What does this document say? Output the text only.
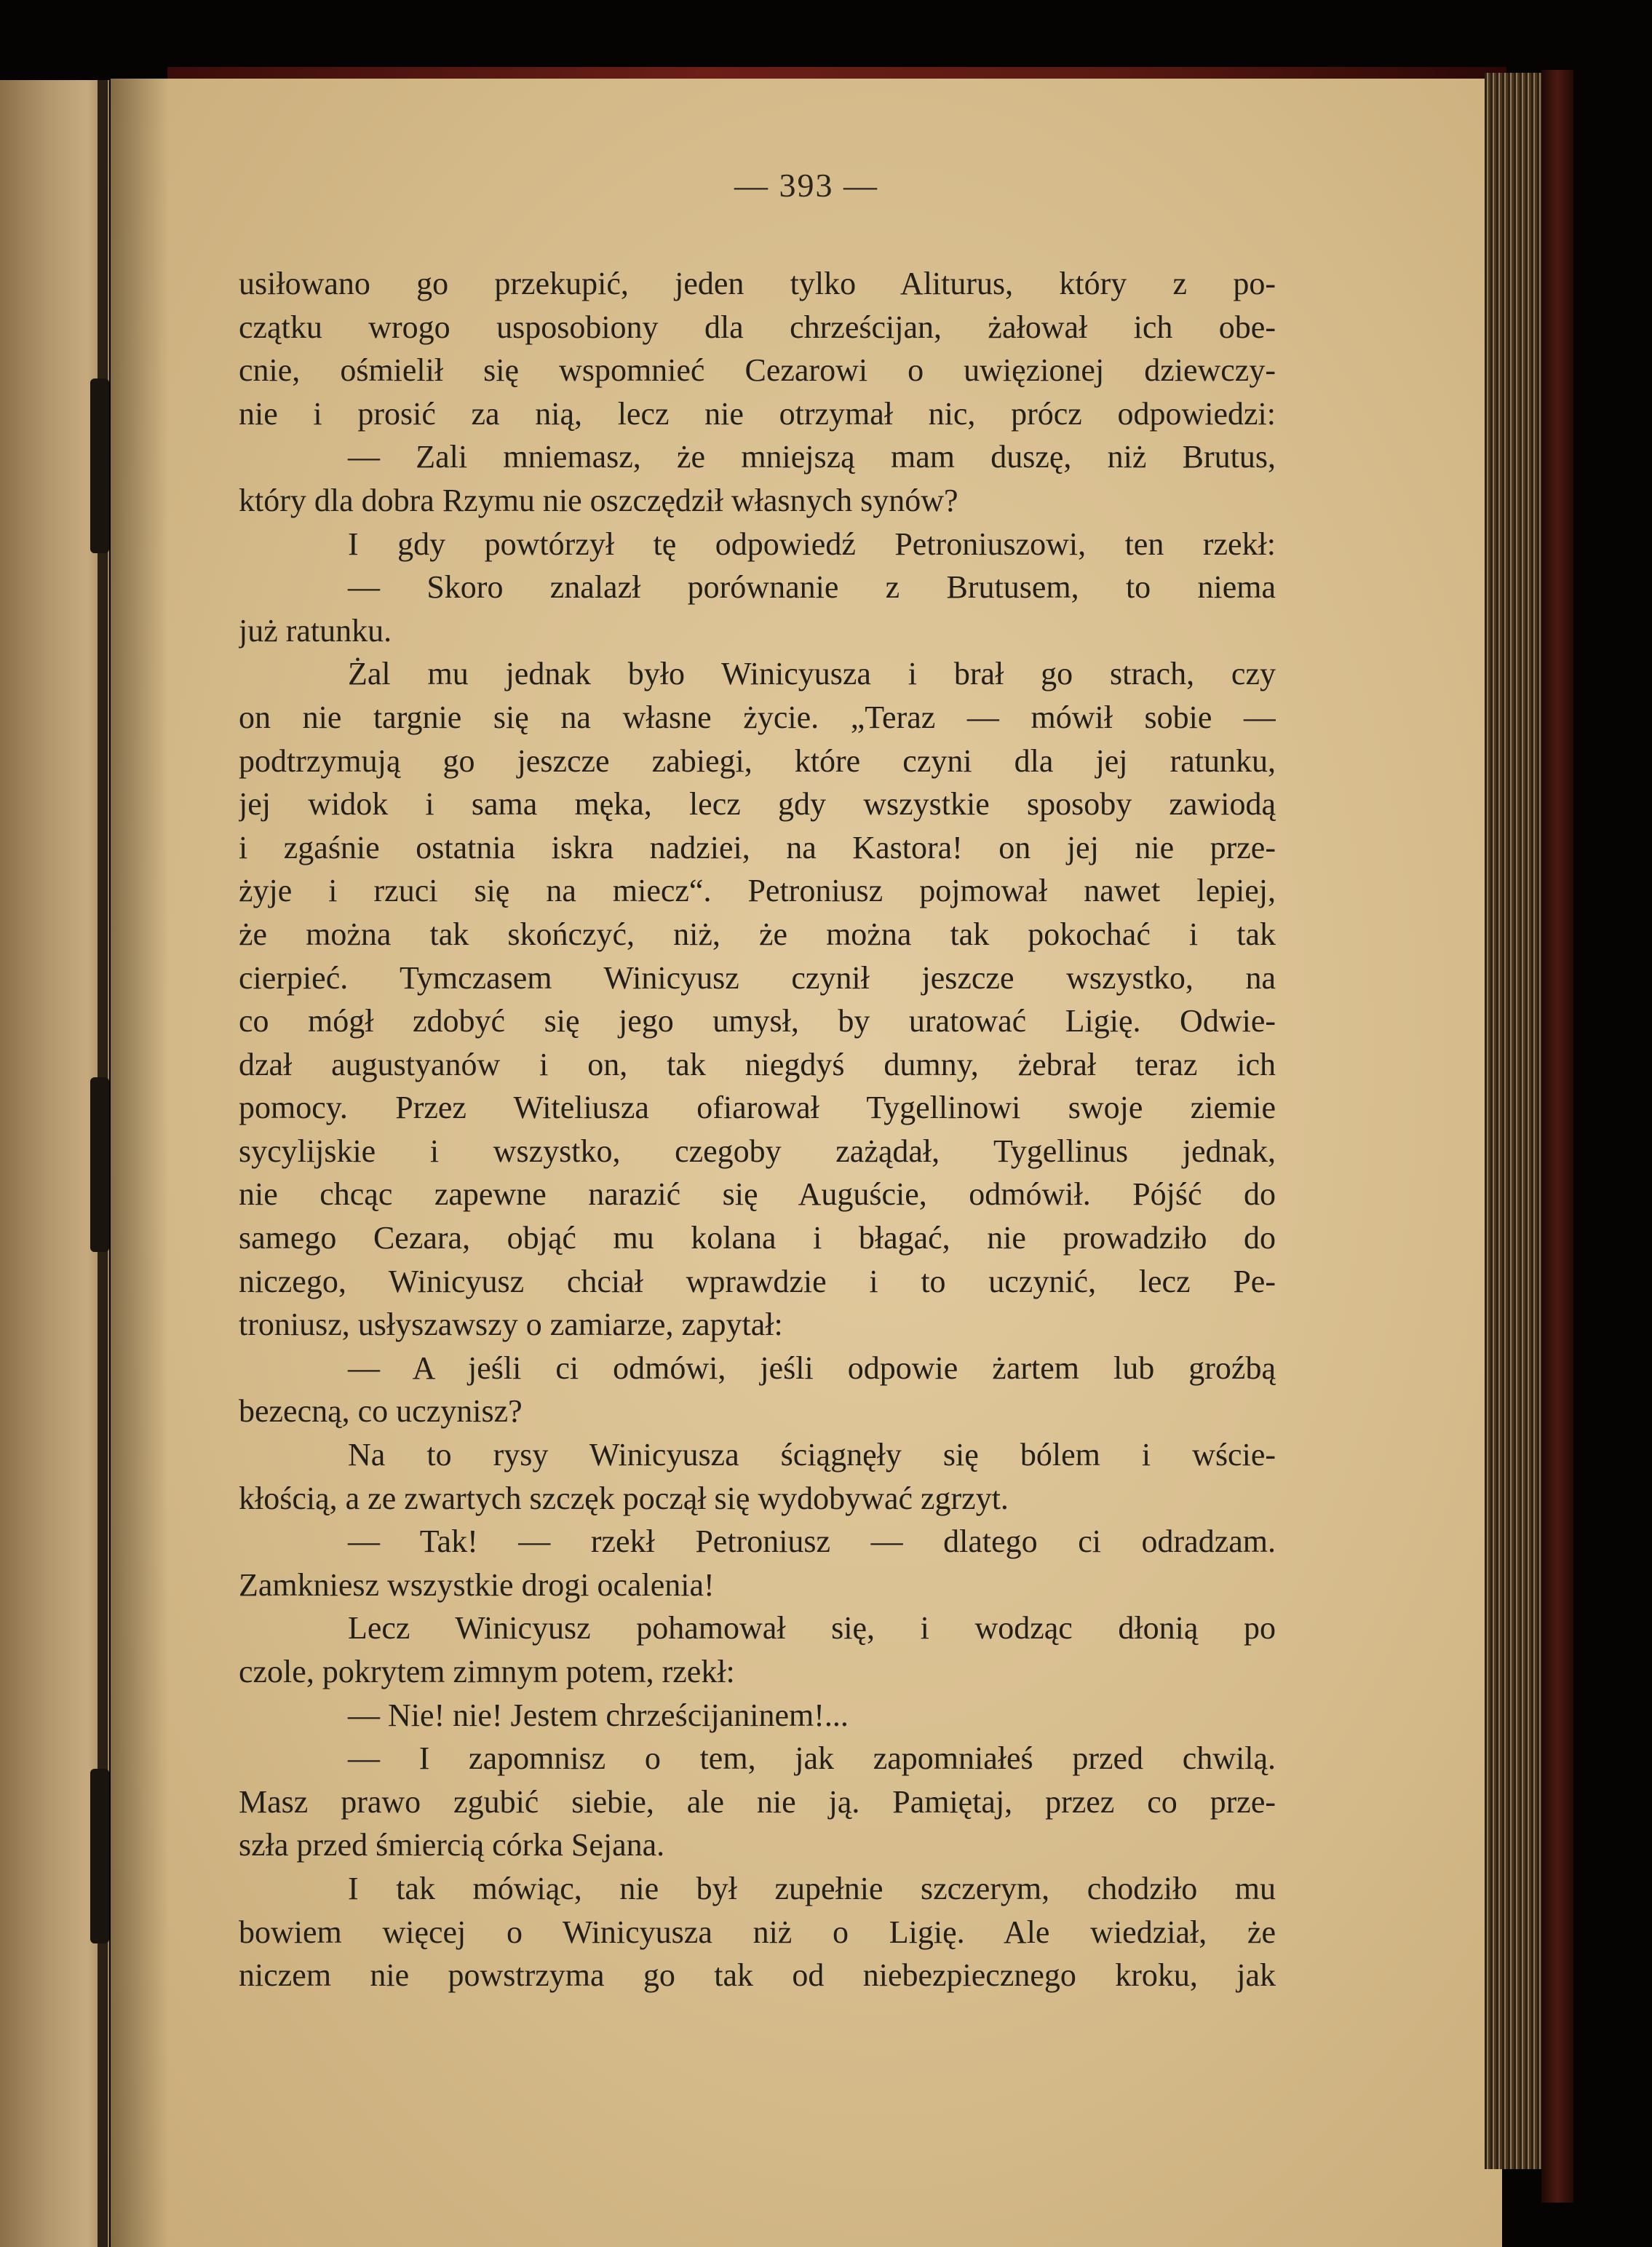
— 393 —
usiłowano go przekupić, jeden tylko Aliturus, który z po-
czątku wrogo usposobiony dla chrześcijan, żałował ich obe-
cnie, ośmielił się wspomnieć Cezarowi o uwięzionej dziewczy-
nie i prosić za nią, lecz nie otrzymał nic, prócz odpowiedzi:
— Zali mniemasz, że mniejszą mam duszę, niż Brutus,
który dla dobra Rzymu nie oszczędził własnych synów?
I gdy powtórzył tę odpowiedź Petroniuszowi, ten rzekł:
— Skoro znalazł porównanie z Brutusem, to niema
już ratunku.
Żal mu jednak było Winicyusza i brał go strach, czy
on nie targnie się na własne życie. „Teraz — mówił sobie —
podtrzymują go jeszcze zabiegi, które czyni dla jej ratunku,
jej widok i sama męka, lecz gdy wszystkie sposoby zawiodą
i zgaśnie ostatnia iskra nadziei, na Kastora! on jej nie prze-
żyje i rzuci się na miecz“. Petroniusz pojmował nawet lepiej,
że można tak skończyć, niż, że można tak pokochać i tak
cierpieć. Tymczasem Winicyusz czynił jeszcze wszystko, na
co mógł zdobyć się jego umysł, by uratować Ligię. Odwie-
dzał augustyanów i on, tak niegdyś dumny, żebrał teraz ich
pomocy. Przez Witeliusza ofiarował Tygellinowi swoje ziemie
sycylijskie i wszystko, czegoby zażądał, Tygellinus jednak,
nie chcąc zapewne narazić się Auguście, odmówił. Pójść do
samego Cezara, objąć mu kolana i błagać, nie prowadziło do
niczego, Winicyusz chciał wprawdzie i to uczynić, lecz Pe-
troniusz, usłyszawszy o zamiarze, zapytał:
— A jeśli ci odmówi, jeśli odpowie żartem lub groźbą
bezecną, co uczynisz?
Na to rysy Winicyusza ściągnęły się bólem i wście-
kłością, a ze zwartych szczęk począł się wydobywać zgrzyt.
— Tak! — rzekł Petroniusz — dlatego ci odradzam.
Zamkniesz wszystkie drogi ocalenia!
Lecz Winicyusz pohamował się, i wodząc dłonią po
czole, pokrytem zimnym potem, rzekł:
— Nie! nie! Jestem chrześcijaninem!...
— I zapomnisz o tem, jak zapomniałeś przed chwilą.
Masz prawo zgubić siebie, ale nie ją. Pamiętaj, przez co prze-
szła przed śmiercią córka Sejana.
I tak mówiąc, nie był zupełnie szczerym, chodziło mu
bowiem więcej o Winicyusza niż o Ligię. Ale wiedział, że
niczem nie powstrzyma go tak od niebezpiecznego kroku, jak
